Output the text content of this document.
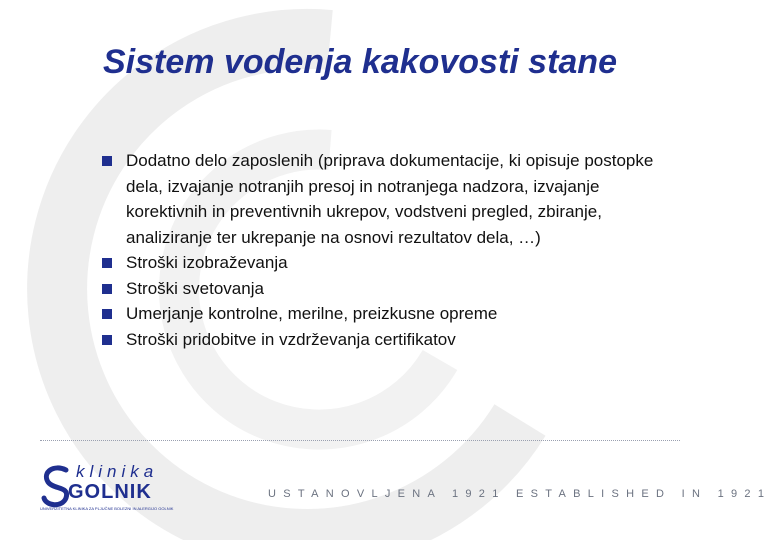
Sistem vodenja kakovosti stane
Dodatno delo zaposlenih (priprava dokumentacije, ki opisuje postopke dela, izvajanje notranjih presoj in notranjega nadzora, izvajanje korektivnih in preventivnih ukrepov, vodstveni pregled, zbiranje, analiziranje ter ukrepanje na osnovi rezultatov dela, …)
Stroški izobraževanja
Stroški svetovanja
Umerjanje kontrolne, merilne, preizkusne opreme
Stroški pridobitve in vzdrževanja certifikatov
klinika
GOLNIK
UNIVERZITETNA KLINIKA ZA PLJUČNE BOLEZNI IN ALERGIJO GOLNIK
USTANOVLJENA 1921 ESTABLISHED IN 1921
